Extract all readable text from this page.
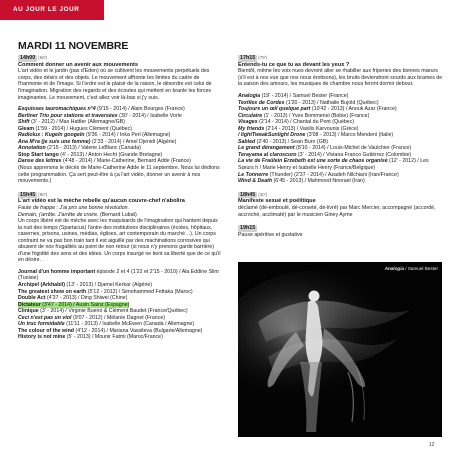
AU JOUR LE JOUR
MARDI 11 NOVEMBRE
14h00 (68')
Comment donner un avenir aux mouvements

L'art vidéo et le jardin (pas d'Eden) où se cultivent les mouvements perpétuels des corps, des désirs et des objets. Le mouvement affronte les limites du cadre de l'harmonie et de l'image. Si l'ordre est le plaisir de la raison, le désordre est celui de l'imagination. Migration des regards et des écoutes qui mettent en branle les forces imaginantes. Le mouvement, c'est allez voir là-bas si j'y suis.

Esquisses tauromachiques n°4 (9'15 - 2014) / Alain Bourges (France)

Berliner Trio pour stations et traversées (30' - 2014) / Isabelle Vorle

Shift (3' - 2012) / Max Hattler (Allemagne/GB)

Gleam (1'59 - 2014) / Hugues Clément (Québec)

Radiolux : Kugeln googeln (9'36 - 2014) / Inka Perl (Allemagne)

Ana M'ra (je suis une femme) (2'33 - 2014) / Amel Djenidi (Algérie)

Annotation (2'15 - 2013) / Valerie LeBlanc (Canada)

Stop Start tango (4' - 2013) / Anton Hecht (Grande Bretagne)

Danse des lettres (4'48 - 2014) / Marie-Catherine, Bernard Adde (France)

(Nous apprenons le décès de Marie-Catherine Adde le 11 septembre. Nous lui dédions cette programmation. Ça sert peut-être à ça l'art vidéo, donner un avenir à nos mouvements.)

15h45 (80')
L'art vidéo est la mèche rebelle qu'aucun couvre-chef n'abolira

Faute de frappe : J'ai pris une bonne révolution.

Demain, j'arrête. J'arrête de croire. (Bernard Lubat)

Un corps libéré est de mèche avec les maquisards de l'imagination qui hantent depuis la nuit des temps (Spartacus) l'antre des institutions disciplinaires (écoles, hôpitaux, casernes, prisons, usines, médias, églises, art contemporain du marché…). Un corps contraint ne va pas bon train tant il est aiguillé par des machinations corrosives qui abusent de nos frugalités au point de non retour (si nous n'y prenons garde barrière) d'une frigidité des sens et des idées. Un corps insurgé ne tient sa liberté que de ce qu'il en désire.

Journal d'un homme important épisode 2 et 4 (1'22 et 2'15 - 2010) / Ala Eddine Slim (Tunisie)

Archipel (Arkhabil) (13' - 2013) / Djamel Kerkar (Algérie)

The greatest show on earth (5'12 - 2012) / Simohammed Fettaka (Maroc)

Double Act (4'37 - 2013) / Ding Shiwei (Chine)

Dictateur (3'47 - 2014) / Ausin Sainz (Espagne)

Clinique (3' - 2014) / Virginie Bueno & Clément Baudet (France/Québec)

Ceci n'est pas un viol (9'07 - 2012) / Mélanie Dagnet (France)

Un truc formidable (11'11 - 2013) / Isabelle McEwen (Canada / Allemagne)

The colour of the wind (4'12 - 2014) / Mariana Vassileva (Bulgarie/Allemagne)

History is not mine (5' - 2013) / Mounir Fatmi (Maroc/France)

17h15 (79')
Entends-tu ce que tu as devant les yeux ?

Bientôt, même les voix nues devront aller se rhabiller aux friperies des bonnes mœurs (s'il est à nos vue que nos nous érotisons), les bruits deviendront sourds aux brames de la saison des amours, les musiques de chambre nous feront dormir debout.

Analogia (19' - 2014) / Samuel Bester (France)

Textiles de Cordes (1'20 - 2013) / Nathalie Bujold (Québec)

Toujours un œil quelque part (10'42 - 2013) / Anouk Azar (France)

Circulaire (1' - 2013) / Yves Bommenel (Bobie) (France)

Visages (2'14 - 2014) / Chantal du Pont (Québec)

My friends (2'14 - 2013) / Vasilis Karvounis (Grèce)

/ lightTweakSunlight Drone (3'08 - 2013) / Marco Mendeni (Italie)

Sabled (2'40 - 2013) / Sean Burn (GB)

Le grand dérangement (8'10 - 2014) / Louis-Michel de Vaulchier (France)

Terayama al claroscuro (3' - 2014) / Viviana Franco Gutiérrez (Colombie)

La vie de Fraülein Erzebeth est une sorte de chaos organisé (12' - 2012) / Les Sœurs h / Marie Henry et Isabelle Henry (France/Belgique)

Le Tonnerre (Thunder) (2'37 - 2014) / Azadeh Nilchiani (Iran/France)

Wind & Death (6'45 - 2013) / Mahmood Noorael (Iran)

18h45 (30')
Manifeste sexué et poélitique

déclamé (dé-emboulé, dé-corseté, dé-livré) par Marc Mercier, accompagné (accordé, accroché, acclimaté) par le musicien Giney Ayme

19h15

Pause apéritive et gustative

Analogia / Samuel Bester
12
